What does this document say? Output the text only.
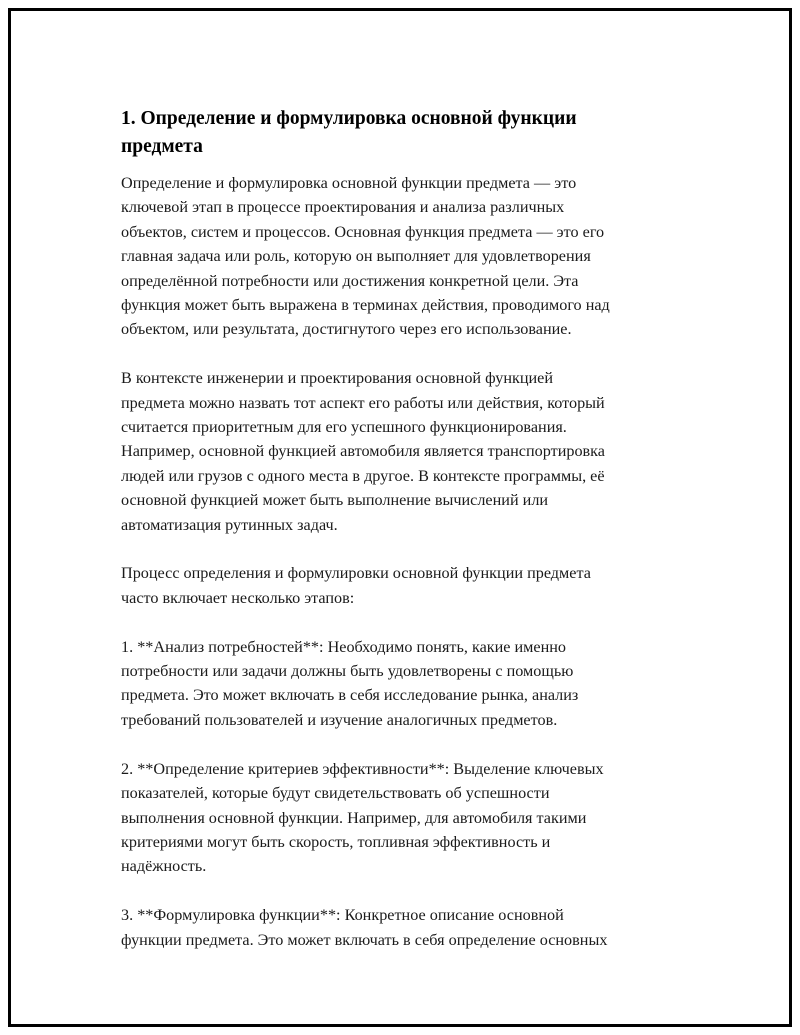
1. Определение и формулировка основной функции
предмета

Определение и формулировка основной функции предмета — это
ключевой этап в процессе проектирования и анализа различных
объектов, систем и процессов. Основная функция предмета — это его
главная задача или роль, которую он выполняет для удовлетворения
определённой потребности или достижения конкретной цели. Эта
функция может быть выражена в терминах действия, проводимого над
объектом, или результата, достигнутого через его использование.

В контексте инженерии и проектирования основной функцией
предмета можно назвать тот аспект его работы или действия, который
считается приоритетным для его успешного функционирования.
Например, основной функцией автомобиля является транспортировка
людей или грузов с одного места в другое. В контексте программы, её
основной функцией может быть выполнение вычислений или
автоматизация рутинных задач.

Процесс определения и формулировки основной функции предмета
часто включает несколько этапов:

1. **Анализ потребностей**: Необходимо понять, какие именно
потребности или задачи должны быть удовлетворены с помощью
предмета. Это может включать в себя исследование рынка, анализ
требований пользователей и изучение аналогичных предметов.

2. **Определение критериев эффективности**: Выделение ключевых
показателей, которые будут свидетельствовать об успешности
выполнения основной функции. Например, для автомобиля такими
критериями могут быть скорость, топливная эффективность и
надёжность.

3. **Формулировка функции**: Конкретное описание основной
функции предмета. Это может включать в себя определение основных
